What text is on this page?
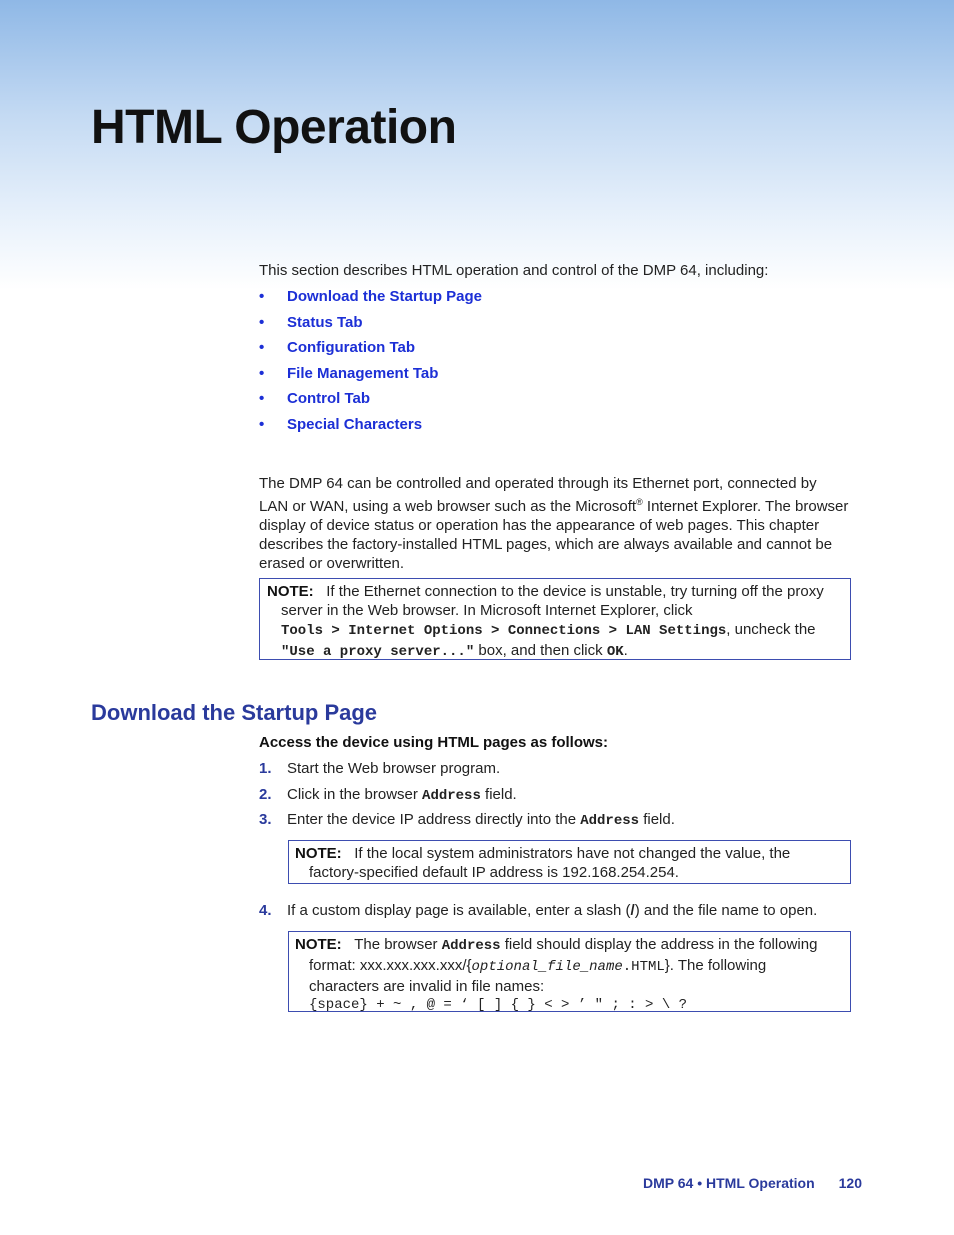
HTML Operation

This section describes HTML operation and control of the DMP 64, including:

• Download the Startup Page
• Status Tab
• Configuration Tab
• File Management Tab
• Control Tab
• Special Characters
The DMP 64 can be controlled and operated through its Ethernet port, connected by
LAN or WAN, using a web browser such as the Microsoft® Internet Explorer. The browser
display of device status or operation has the appearance of web pages. This chapter
describes the factory-installed HTML pages, which are always available and cannot be
erased or overwritten.
NOTE: If the Ethernet connection to the device is unstable, try turning off the proxy
server in the Web browser. In Microsoft Internet Explorer, click
Tools > Internet Options > Connections > LAN Settings, uncheck the
"Use a proxy server..." box, and then click OK.
Download the Startup Page
Access the device using HTML pages as follows:
1. Start the Web browser program.
2. Click in the browser Address field.
3. Enter the device IP address directly into the Address field.
NOTE: If the local system administrators have not changed the value, the
factory-specified default IP address is 192.168.254.254.
4. If a custom display page is available, enter a slash (/) and the file name to open.
NOTE: The browser Address field should display the address in the following
format: xxx.xxx.xxx.xxx/{optional_file_name.HTML}. The following
characters are invalid in file names:
{space} + ~ , @ = ‘ [ ] { } < > ’ " ; : > \ ?
DMP 64 • HTML Operation 120
